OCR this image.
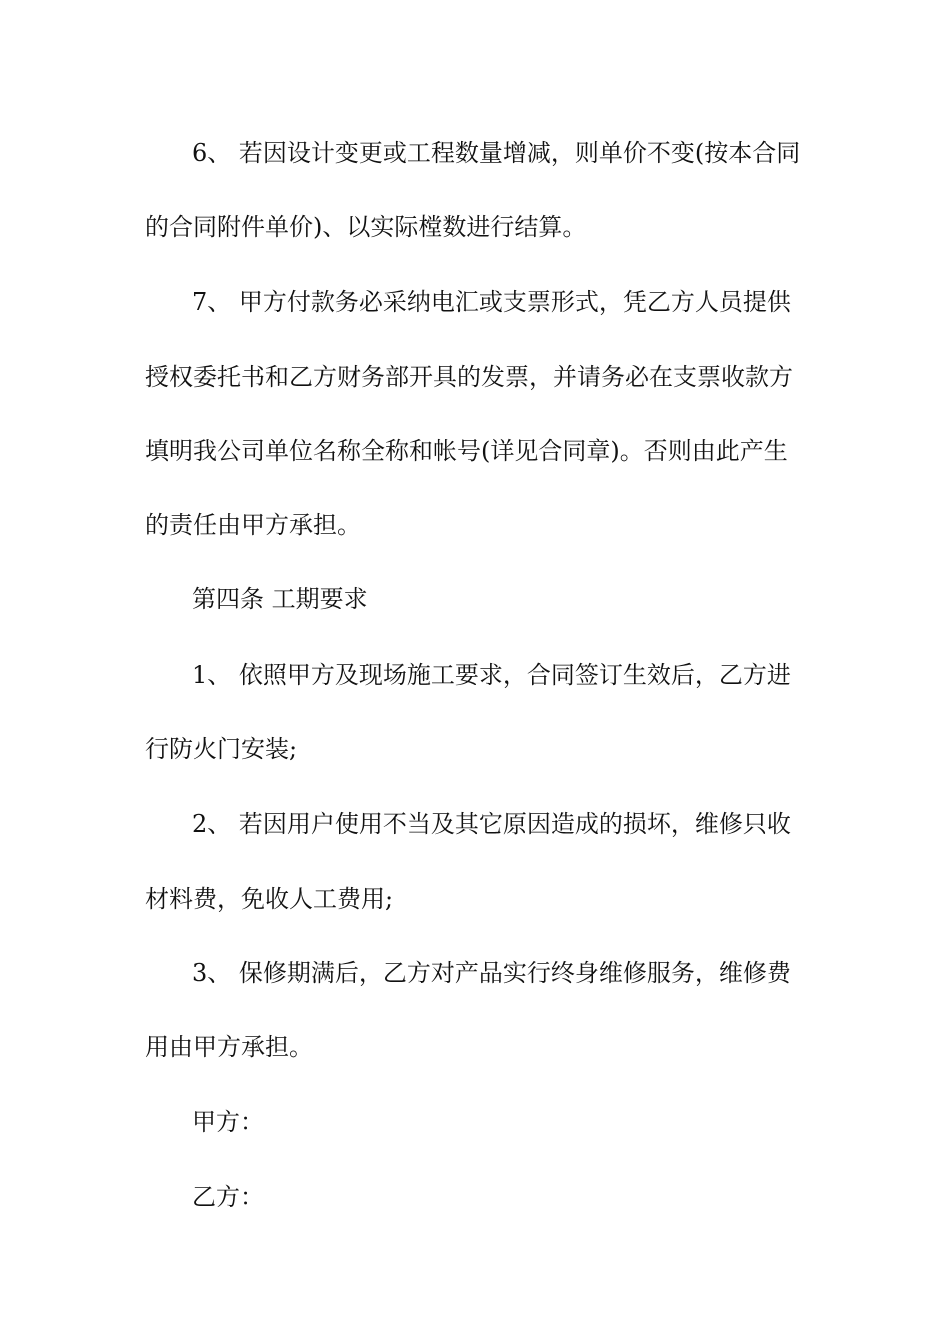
6、 若因设计变更或工程数量增减，则单价不变(按本合同
的合同附件单价)、以实际樘数进行结算。
7、 甲方付款务必采纳电汇或支票形式，凭乙方人员提供
授权委托书和乙方财务部开具的发票，并请务必在支票收款方
填明我公司单位名称全称和帐号(详见合同章)。否则由此产生
的责任由甲方承担。
第四条 工期要求
1、 依照甲方及现场施工要求，合同签订生效后，乙方进
行防火门安装;
2、 若因用户使用不当及其它原因造成的损坏，维修只收
材料费，免收人工费用;
3、 保修期满后，乙方对产品实行终身维修服务，维修费
用由甲方承担。
甲方：
乙方：
